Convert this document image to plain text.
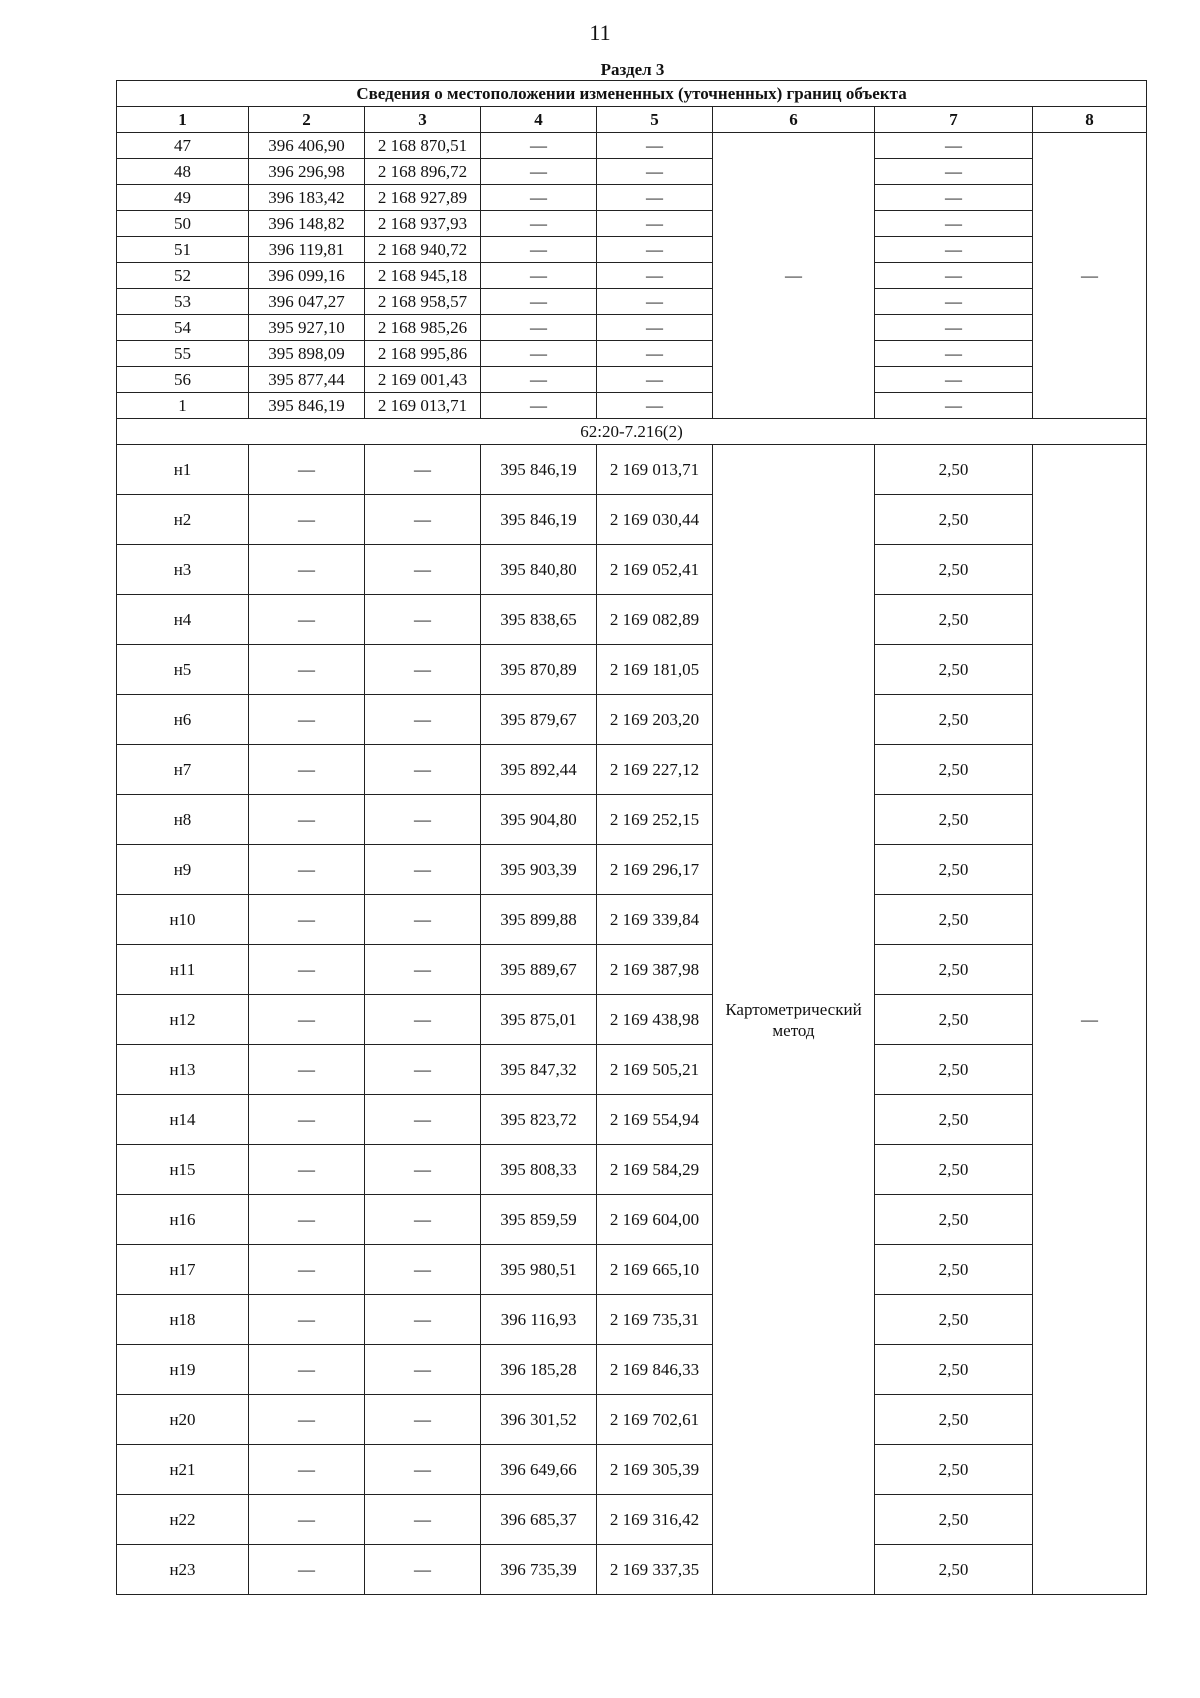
11
Сведения о местоположении измененных (уточненных) границ объекта							
1	2	3	4	5	6	7	8
47	396 406,90	2 168 870,51	—	—	—	—	—
48	396 296,98	2 168 896,72	—	—		—	
49	396 183,42	2 168 927,89	—	—		—	
50	396 148,82	2 168 937,93	—	—		—	
51	396 119,81	2 168 940,72	—	—		—	
52	396 099,16	2 168 945,18	—	—		—	
53	396 047,27	2 168 958,57	—	—		—	
54	395 927,10	2 168 985,26	—	—		—	
55	395 898,09	2 168 995,86	—	—		—	
56	395 877,44	2 169 001,43	—	—		—	
1	395 846,19	2 169 013,71	—	—		—	
62:20-7.216(2)							
н1	—	—	395 846,19	2 169 013,71	Картометрический метод	2,50	—
н2	—	—	395 846,19	2 169 030,44		2,50	
н3	—	—	395 840,80	2 169 052,41		2,50	
н4	—	—	395 838,65	2 169 082,89		2,50	
н5	—	—	395 870,89	2 169 181,05		2,50	
н6	—	—	395 879,67	2 169 203,20		2,50	
н7	—	—	395 892,44	2 169 227,12		2,50	
н8	—	—	395 904,80	2 169 252,15		2,50	
н9	—	—	395 903,39	2 169 296,17		2,50	
н10	—	—	395 899,88	2 169 339,84		2,50	
н11	—	—	395 889,67	2 169 387,98		2,50	
н12	—	—	395 875,01	2 169 438,98		2,50	
н13	—	—	395 847,32	2 169 505,21		2,50	
н14	—	—	395 823,72	2 169 554,94		2,50	
н15	—	—	395 808,33	2 169 584,29		2,50	
н16	—	—	395 859,59	2 169 604,00		2,50	
н17	—	—	395 980,51	2 169 665,10		2,50	
н18	—	—	396 116,93	2 169 735,31		2,50	
н19	—	—	396 185,28	2 169 846,33		2,50	
н20	—	—	396 301,52	2 169 702,61		2,50	
н21	—	—	396 649,66	2 169 305,39		2,50	
н22	—	—	396 685,37	2 169 316,42		2,50	
н23	—	—	396 735,39	2 169 337,35		2,50	
Раздел 3
